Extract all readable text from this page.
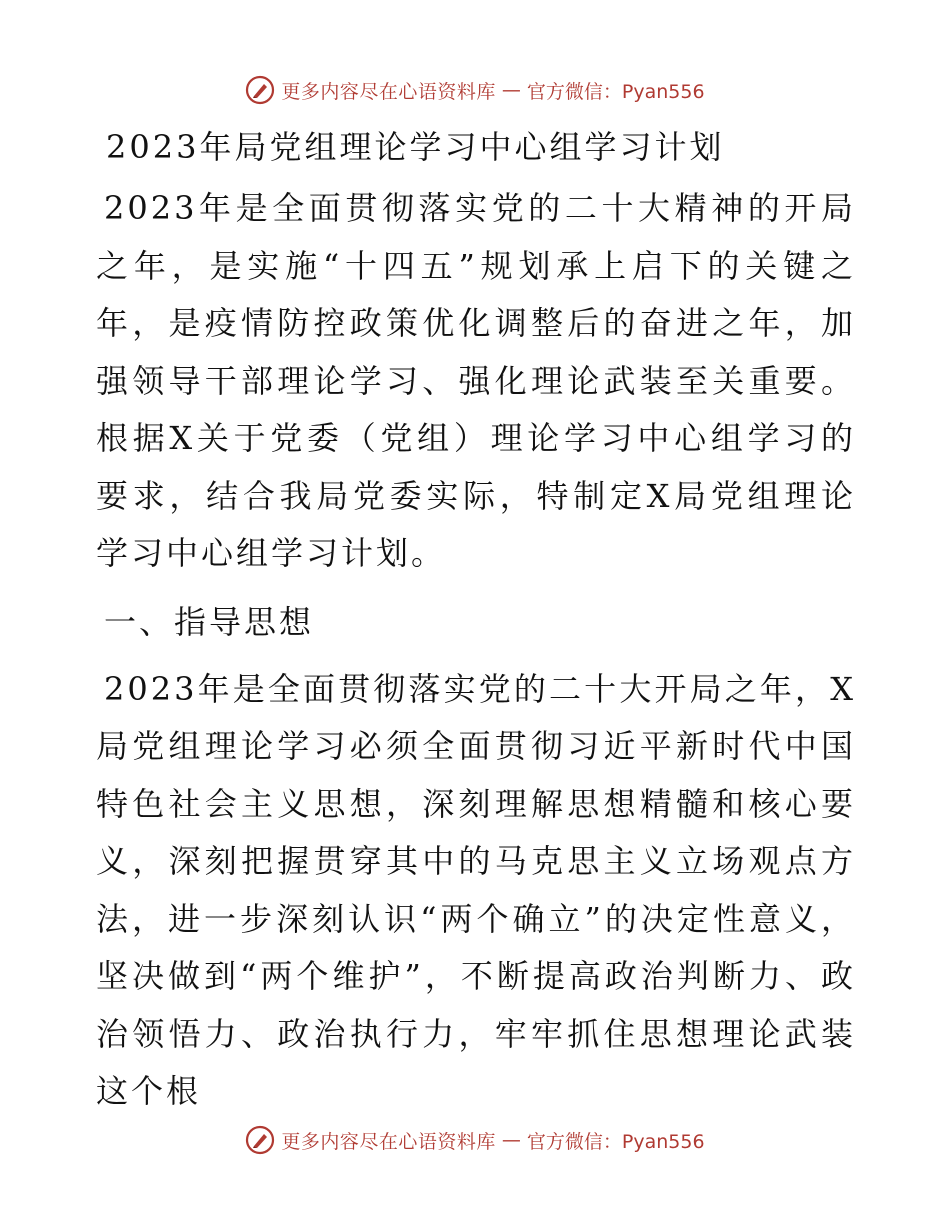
更多内容尽在心语资料库 — 官方微信：Pyan556
2023年局党组理论学习中心组学习计划

2023年是全面贯彻落实党的二十大精神的开局之年，是实施“十四五”规划承上启下的关键之年，是疫情防控政策优化调整后的奋进之年，加强领导干部理论学习、强化理论武装至关重要。根据X关于党委（党组）理论学习中心组学习的要求，结合我局党委实际，特制定X局党组理论学习中心组学习计划。

一、指导思想

2023年是全面贯彻落实党的二十大开局之年，X局党组理论学习必须全面贯彻习近平新时代中国特色社会主义思想，深刻理解思想精髓和核心要义，深刻把握贯穿其中的马克思主义立场观点方法，进一步深刻认识“两个确立”的决定性意义，坚决做到“两个维护”，不断提高政治判断力、政治领悟力、政治执行力，牢牢抓住思想理论武装这个根

更多内容尽在心语资料库 — 官方微信：Pyan556
